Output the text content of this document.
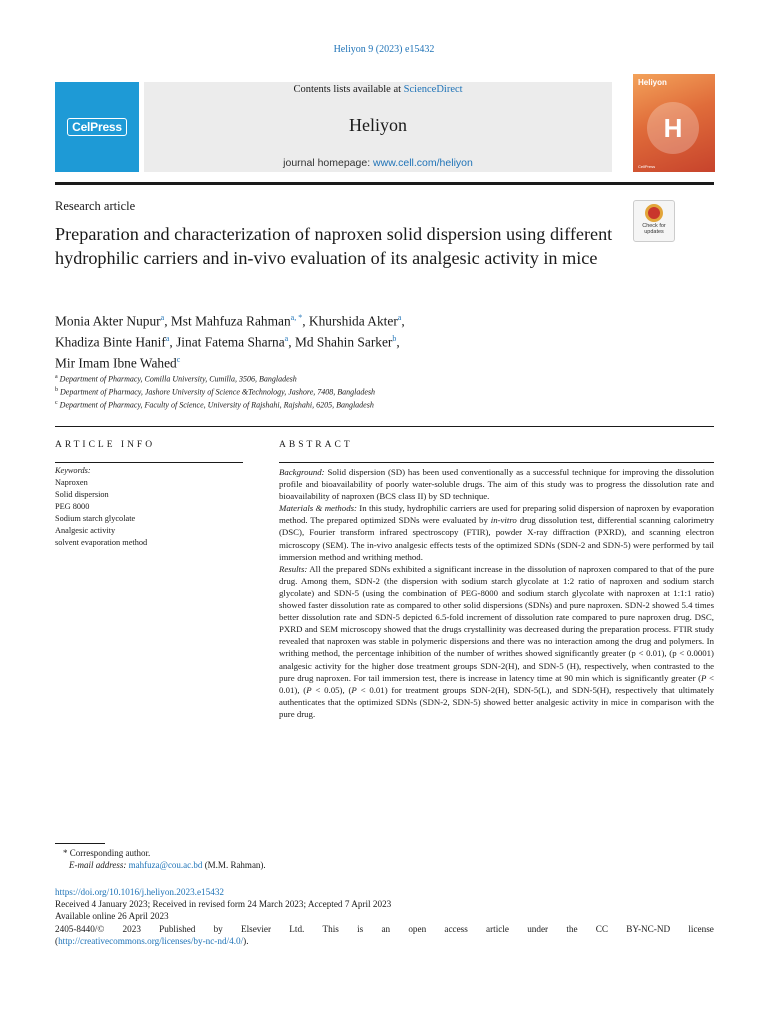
Heliyon 9 (2023) e15432
CelPress
Contents lists available at ScienceDirect
Heliyon
journal homepage: www.cell.com/heliyon
Heliyon
H
CellPress
Research article
Check for
updates
Preparation and characterization of naproxen solid dispersion using different hydrophilic carriers and in-vivo evaluation of its analgesic activity in mice
Monia Akter Nupur$^a$, Mst Mahfuza Rahman$^{a, *}$, Khurshida Akter$^a$,
Khadiza Binte Hanif$^a$, Jinat Fatema Sharna$^a$, Md Shahin Sarker$^b$,
Mir Imam Ibne Wahed$^c$
$^a$ Department of Pharmacy, Comilla University, Cumilla, 3506, Bangladesh
$^b$ Department of Pharmacy, Jashore University of Science &Technology, Jashore, 7408, Bangladesh
$^c$ Department of Pharmacy, Faculty of Science, University of Rajshahi, Rajshahi, 6205, Bangladesh
ARTICLE INFO	ABSTRACT
Keywords:
Naproxen
Solid dispersion
PEG 8000
Sodium starch glycolate
Analgesic activity
solvent evaporation method

Background: Solid dispersion (SD) has been used conventionally as a successful technique for improving the dissolution profile and bioavailability of poorly water-soluble drugs. The aim of this study was to progress the dissolution rate and bioavailability of naproxen (BCS class II) by SD technique.

Materials & methods: In this study, hydrophilic carriers are used for preparing solid dispersion of naproxen by evaporation method. The prepared optimized SDNs were evaluated by in-vitro drug dissolution test, differential scanning calorimetry (DSC), Fourier transform infrared spectroscopy (FTIR), powder X-ray diffraction (PXRD), and scanning electron microscopy (SEM). The in-vivo analgesic effects tests of the optimized SDNs (SDN-2 and SDN-5) were performed by tail immersion method and writhing method.

Results: All the prepared SDNs exhibited a significant increase in the dissolution of naproxen compared to that of the pure drug. Among them, SDN-2 (the dispersion with sodium starch glycolate at 1:2 ratio of naproxen and sodium starch glycolate) and SDN-5 (using the combination of PEG-8000 and sodium starch glycolate with naproxen at 1:1:1 ratio) showed faster dissolution rate as compared to other solid dispersions (SDNs) and pure naproxen. SDN-2 showed 5.4 times better dissolution rate and SDN-5 depicted 6.5-fold increment of dissolution rate compared to pure naproxen drug. DSC, PXRD and SEM microscopy showed that the drugs crystallinity was decreased during the preparation process. FTIR study revealed that naproxen was stable in polymeric dispersions and there was no interaction among the drug and polymers. In writhing method, the percentage inhibition of the number of writhes showed significantly greater (p < 0.01), (p < 0.0001) analgesic activity for the higher dose treatment groups SDN-2(H), and SDN-5 (H), respectively, when contrasted to the pure drug naproxen. For tail immersion test, there is increase in latency time at 90 min which is significantly greater (P < 0.01), (P < 0.05), (P < 0.01) for treatment groups SDN-2(H), SDN-5(L), and SDN-5(H), respectively that ultimately authenticates that the optimized SDNs (SDN-2, SDN-5) showed better analgesic activity in mice in comparison with the pure drug.

* Corresponding author.
E-mail address: mahfuza@cou.ac.bd (M.M. Rahman).
https://doi.org/10.1016/j.heliyon.2023.e15432
Received 4 January 2023; Received in revised form 24 March 2023; Accepted 7 April 2023
Available online 26 April 2023
2405-8440/© 2023 Published by Elsevier Ltd. This is an open access article under the CC BY-NC-ND license
(http://creativecommons.org/licenses/by-nc-nd/4.0/).
